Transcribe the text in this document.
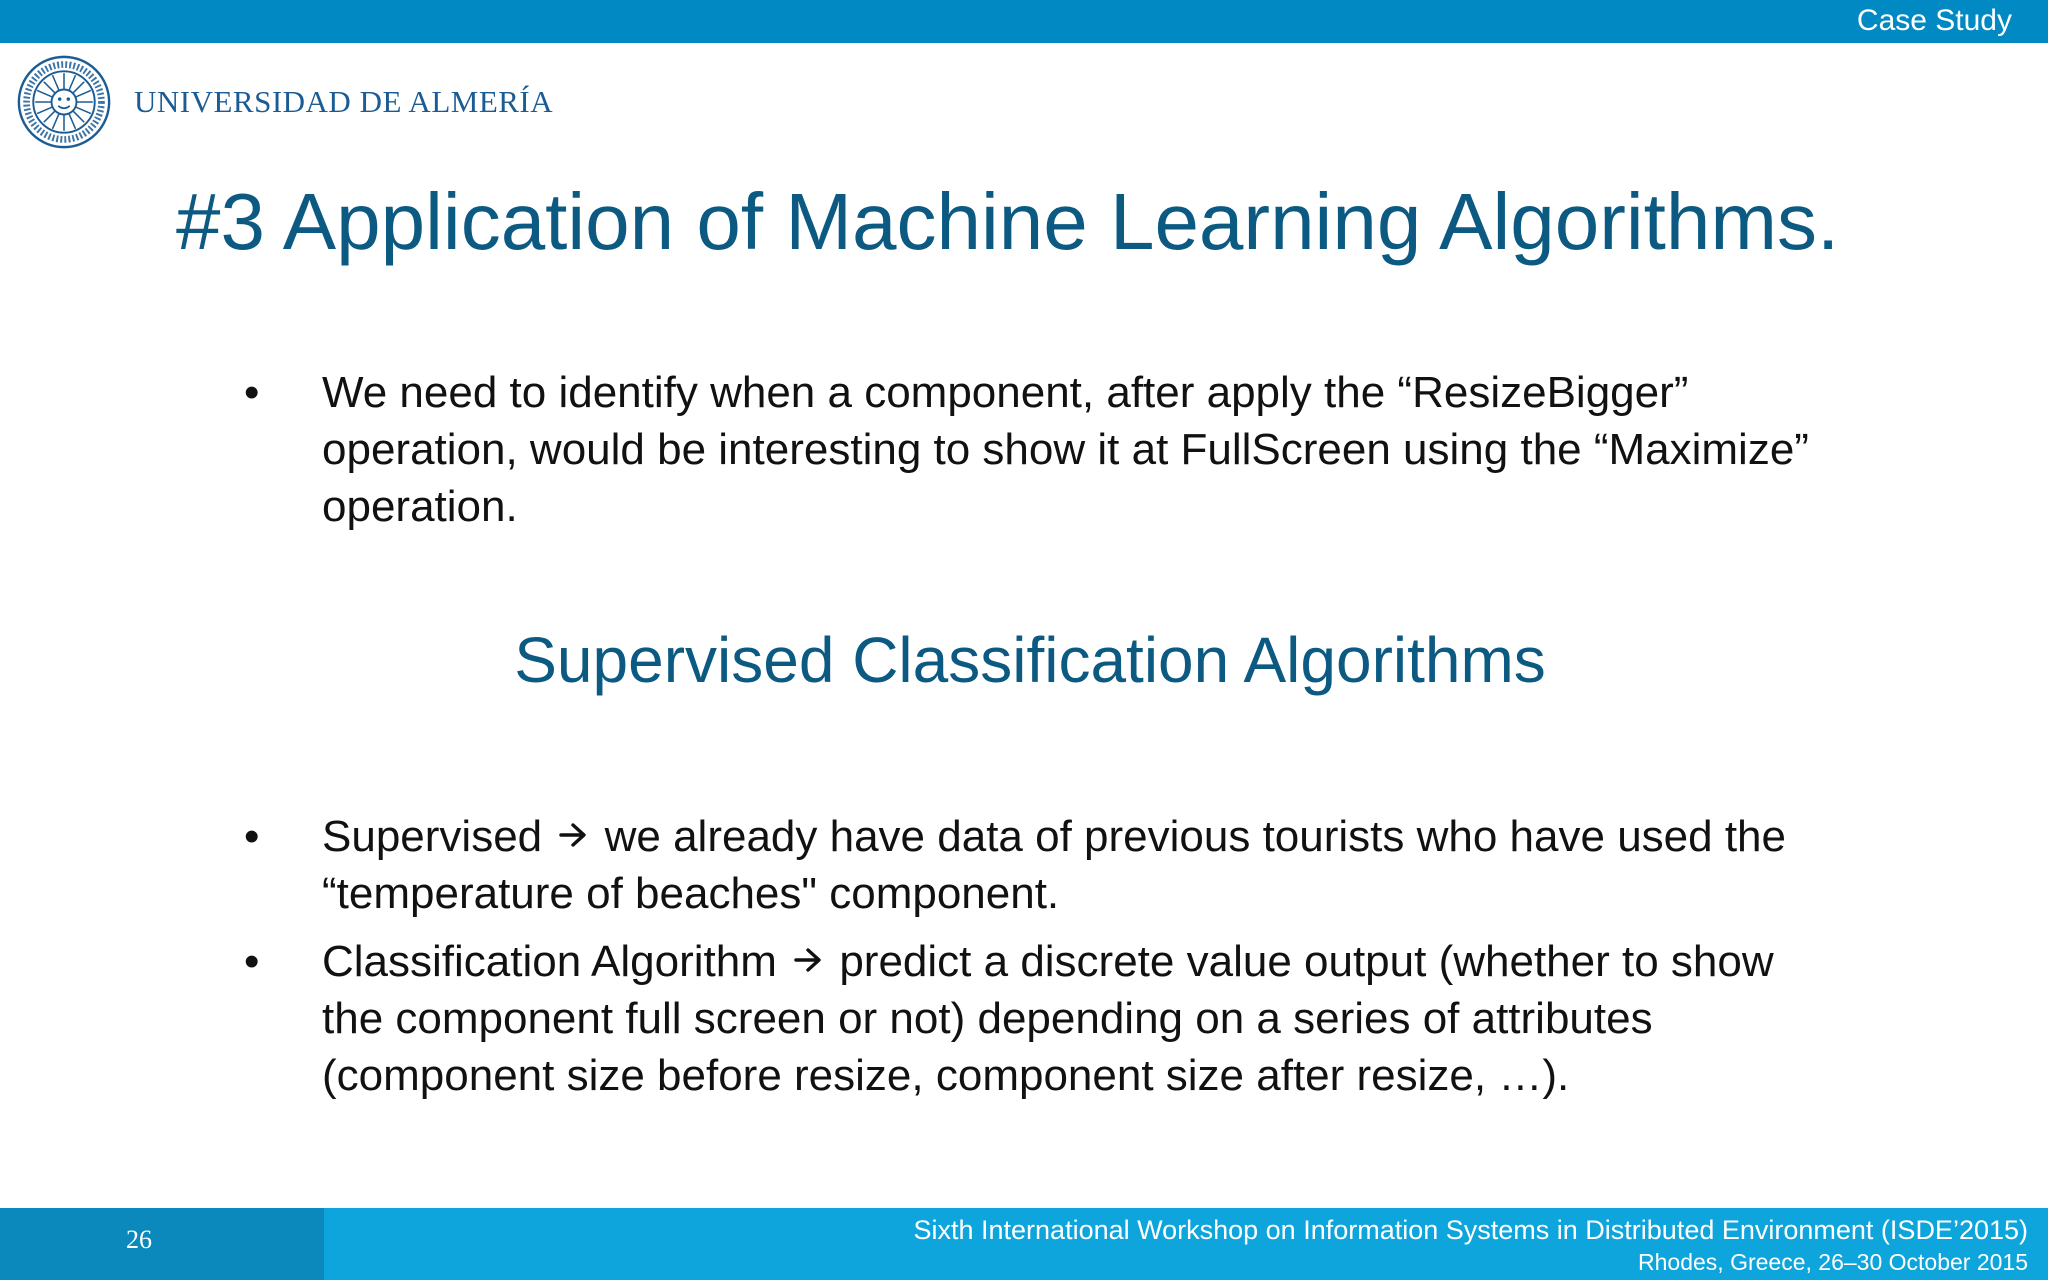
Case Study
UNIVERSIDAD DE ALMERÍA
#3 Application of Machine Learning Algorithms.
• We need to identify when a component, after apply the “ResizeBigger” operation, would be interesting to show it at FullScreen using the “Maximize” operation.
Supervised Classification Algorithms
• Supervised we already have data of previous tourists who have used the “temperature of beaches" component.
• Classification Algorithm predict a discrete value output (whether to show the component full screen or not) depending on a series of attributes (component size before resize, component size after resize, …).
26	Sixth International Workshop on Information Systems in Distributed Environment (ISDE’2015)
Rhodes, Greece, 26–30 October 2015
